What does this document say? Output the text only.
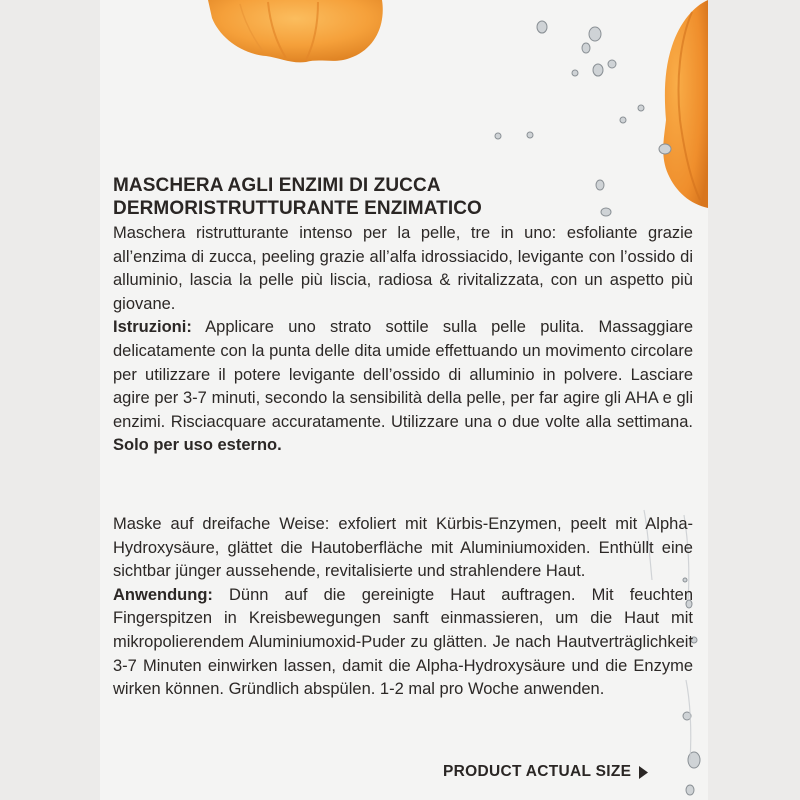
MASCHERA AGLI ENZIMI DI ZUCCA
DERMORISTRUTTURANTE ENZIMATICO

Maschera ristrutturante intenso per la pelle, tre in uno: esfoliante grazie all’enzima di zucca, peeling grazie all’alfa idrossiacido, levigante con l’ossido di alluminio, lascia la pelle più liscia, radiosa & rivitalizzata, con un aspetto più giovane.

Istruzioni: Applicare uno strato sottile sulla pelle pulita. Massaggiare delicatamente con la punta delle dita umide effettuando un movimento circolare per utilizzare il potere levigante dell’ossido di alluminio in polvere. Lasciare agire per 3-7 minuti, secondo la sensibilità della pelle, per far agire gli AHA e gli enzimi. Risciacquare accuratamente. Utilizzare una o due volte alla settimana. Solo per uso esterno.

Maske auf dreifache Weise: exfoliert mit Kürbis-Enzymen, peelt mit Alpha-Hydroxysäure, glättet die Hautoberfläche mit Aluminiumoxiden. Enthüllt eine sichtbar jünger aussehende, revitalisierte und strahlendere Haut.

Anwendung: Dünn auf die gereinigte Haut auftragen. Mit feuchten Fingerspitzen in Kreisbewegungen sanft einmassieren, um die Haut mit mikropolierendem Aluminiumoxid-Puder zu glätten. Je nach Hautverträglichkeit 3-7 Minuten einwirken lassen, damit die Alpha-Hydroxysäure und die Enzyme wirken können. Gründlich abspülen. 1-2 mal pro Woche anwenden.

PRODUCT ACTUAL SIZE
